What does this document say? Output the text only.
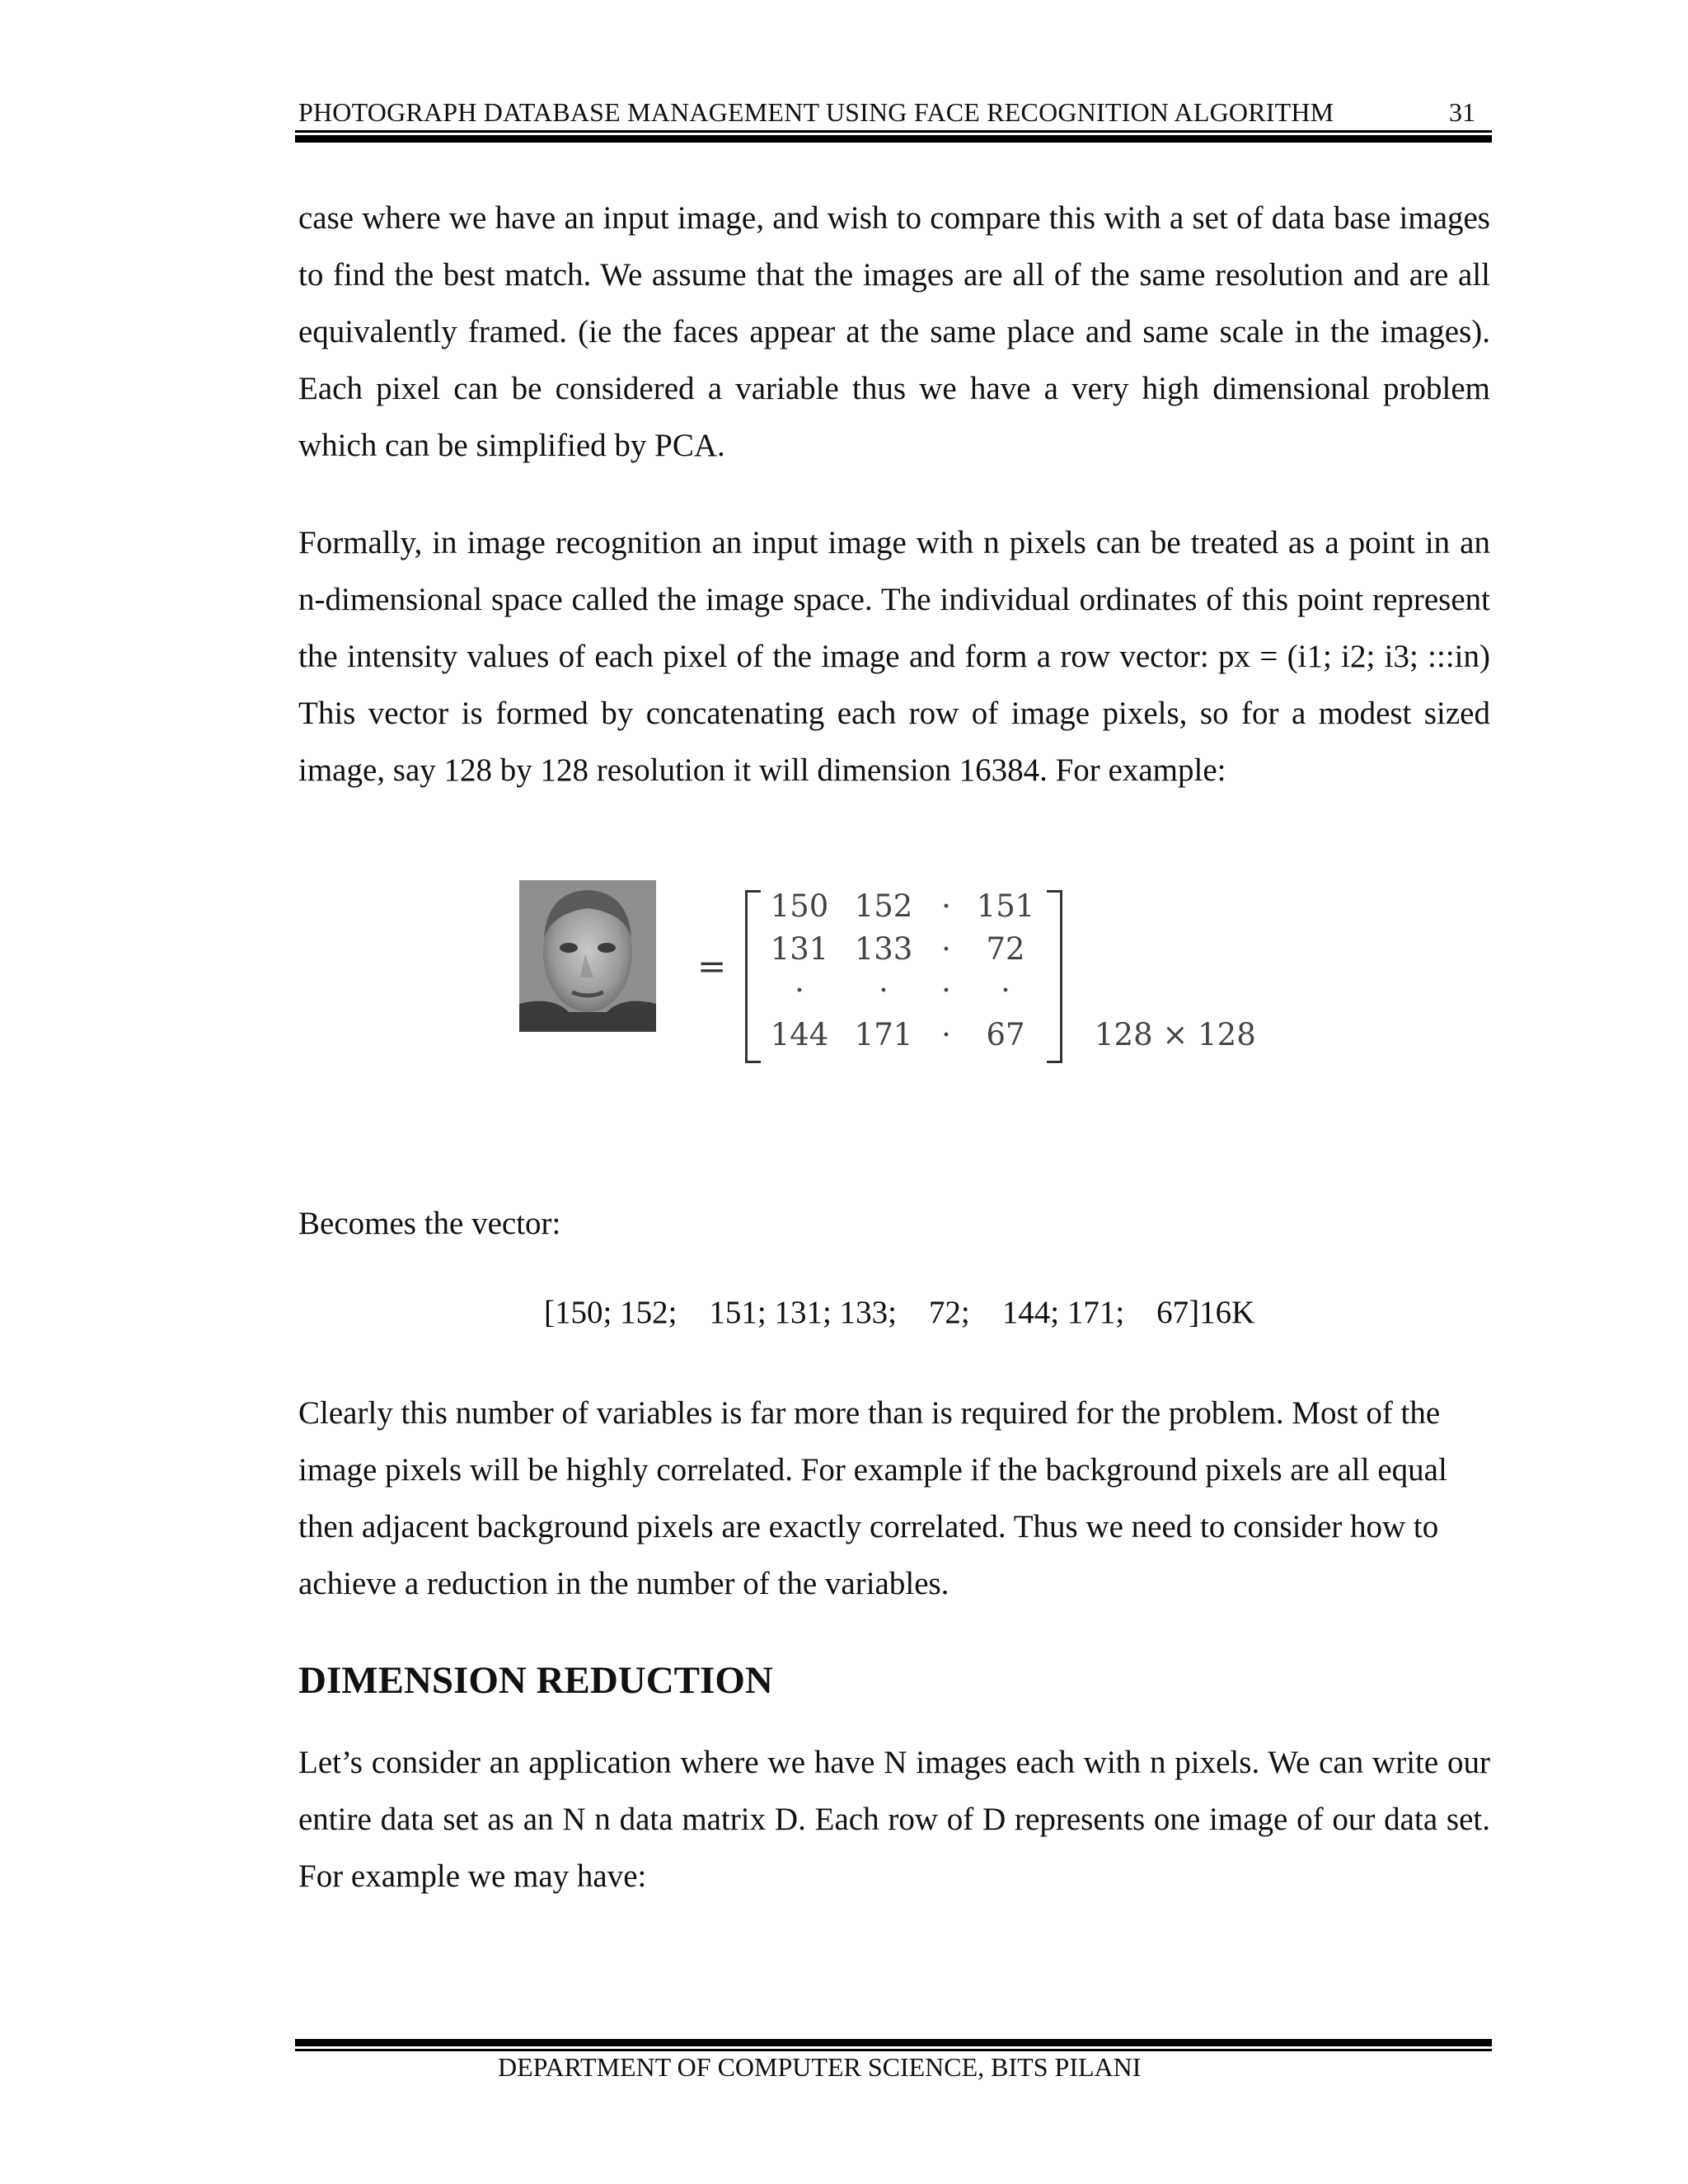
PHOTOGRAPH DATABASE MANAGEMENT USING FACE RECOGNITION ALGORITHM	31

case where we have an input image, and wish to compare this with a set of data base images to find the best match. We assume that the images are all of the same resolution and are all equivalently framed. (ie the faces appear at the same place and same scale in the images). Each pixel can be considered a variable thus we have a very high dimensional problem which can be simplified by PCA.

Formally, in image recognition an input image with n pixels can be treated as a point in an n-dimensional space called the image space. The individual ordinates of this point represent the intensity values of each pixel of the image and form a row vector: px = (i1; i2; i3; :::in) This vector is formed by concatenating each row of image pixels, so for a modest sized image, say 128 by 128 resolution it will dimension 16384. For example:

=
150 152 · 151
131 133 ·	72
·	·	·	·
144 171 ·	67	128 × 128

Becomes the vector:

[150; 152;    151; 131; 133;    72;    144; 171;    67]16K

Clearly this number of variables is far more than is required for the problem. Most of the image pixels will be highly correlated. For example if the background pixels are all equal then adjacent background pixels are exactly correlated. Thus we need to consider how to achieve a reduction in the number of the variables.

DIMENSION REDUCTION

Let’s consider an application where we have N images each with n pixels. We can write our entire data set as an N n data matrix D. Each row of D represents one image of our data set. For example we may have:

DEPARTMENT OF COMPUTER SCIENCE, BITS PILANI
